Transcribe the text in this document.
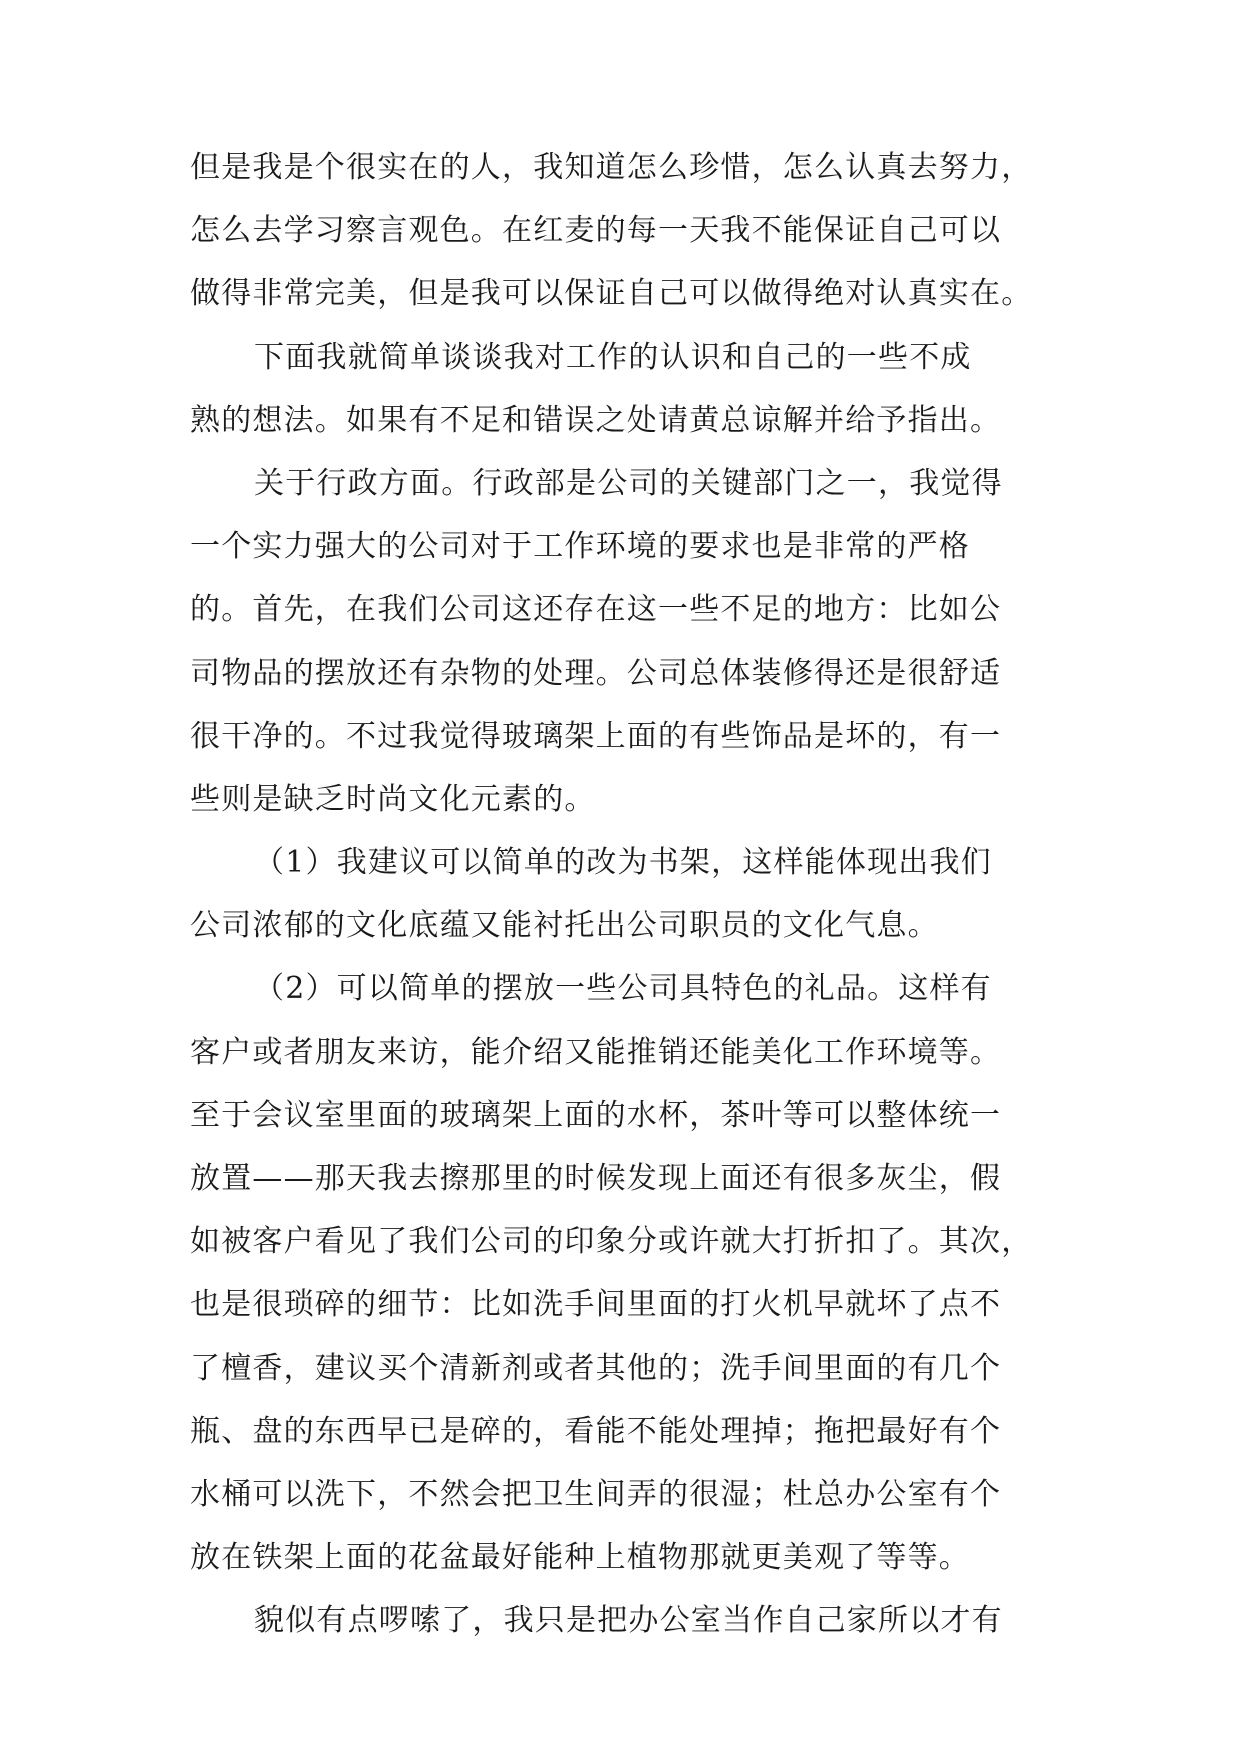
但是我是个很实在的人，我知道怎么珍惜，怎么认真去努力，
怎么去学习察言观色。在红麦的每一天我不能保证自己可以
做得非常完美，但是我可以保证自己可以做得绝对认真实在。
下面我就简单谈谈我对工作的认识和自己的一些不成
熟的想法。如果有不足和错误之处请黄总谅解并给予指出。
关于行政方面。行政部是公司的关键部门之一，我觉得
一个实力强大的公司对于工作环境的要求也是非常的严格
的。首先，在我们公司这还存在这一些不足的地方：比如公
司物品的摆放还有杂物的处理。公司总体装修得还是很舒适
很干净的。不过我觉得玻璃架上面的有些饰品是坏的，有一
些则是缺乏时尚文化元素的。
（1）我建议可以简单的改为书架，这样能体现出我们
公司浓郁的文化底蕴又能衬托出公司职员的文化气息。
（2）可以简单的摆放一些公司具特色的礼品。这样有
客户或者朋友来访，能介绍又能推销还能美化工作环境等。
至于会议室里面的玻璃架上面的水杯，茶叶等可以整体统一
放置——那天我去擦那里的时候发现上面还有很多灰尘，假
如被客户看见了我们公司的印象分或许就大打折扣了。其次，
也是很琐碎的细节：比如洗手间里面的打火机早就坏了点不
了檀香，建议买个清新剂或者其他的；洗手间里面的有几个
瓶、盘的东西早已是碎的，看能不能处理掉；拖把最好有个
水桶可以洗下，不然会把卫生间弄的很湿；杜总办公室有个
放在铁架上面的花盆最好能种上植物那就更美观了等等。
貌似有点啰嗦了，我只是把办公室当作自己家所以才有
